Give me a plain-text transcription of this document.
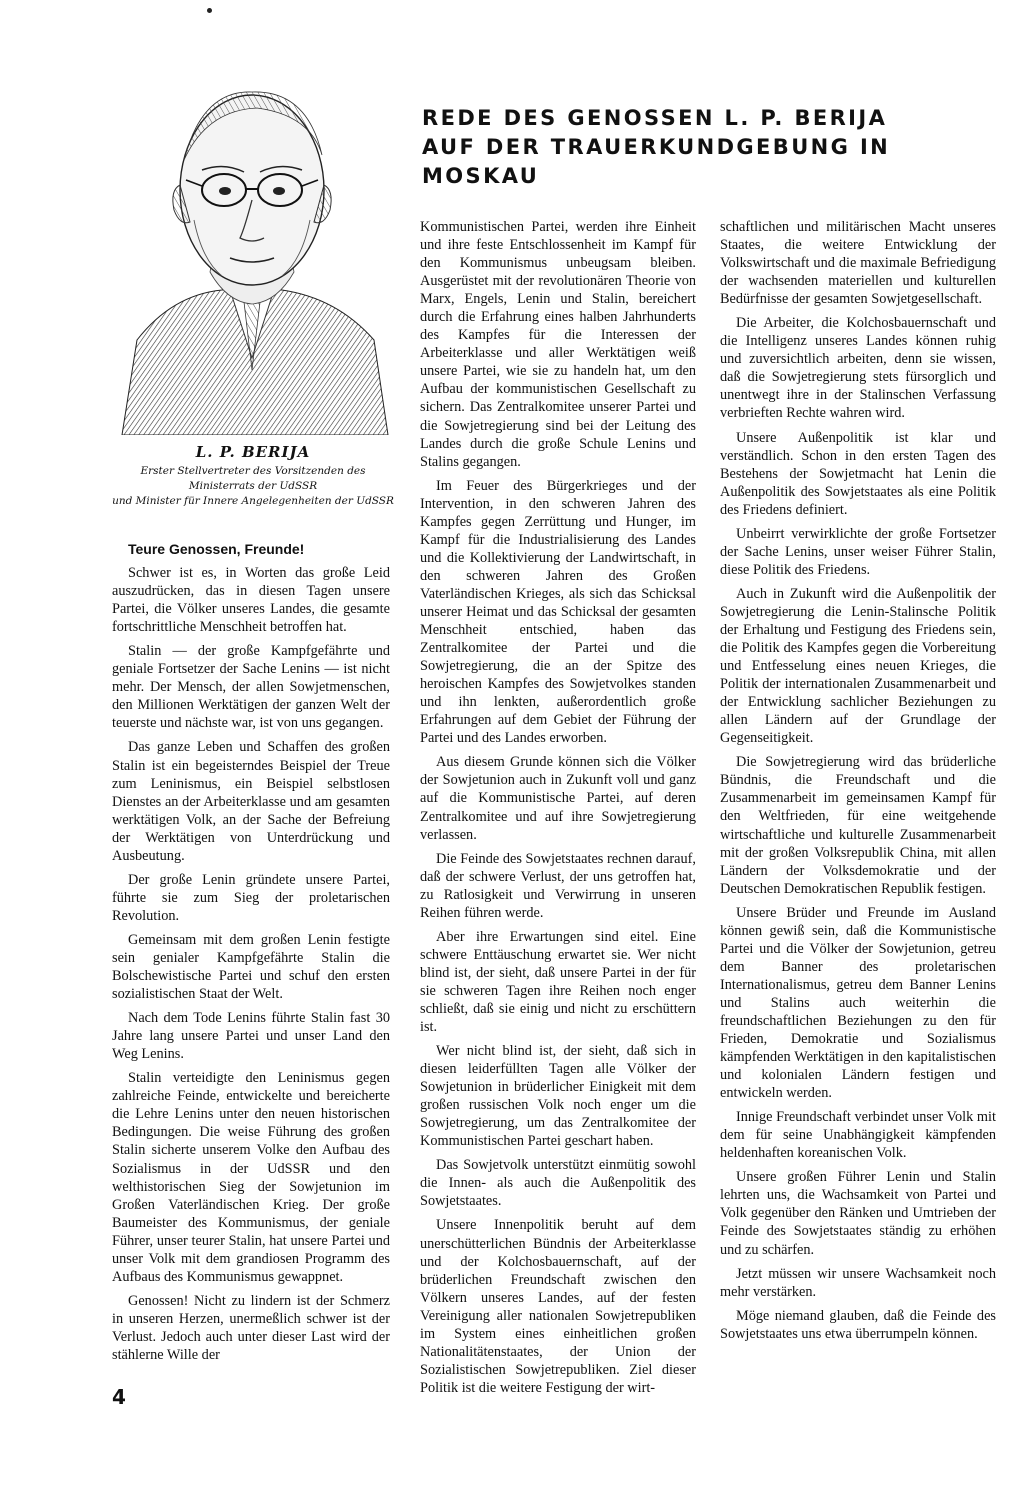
L. P. BERIJA
Erster Stellvertreter des Vorsitzenden des Ministerrats der UdSSR
und Minister für Innere Angelegenheiten der UdSSR
REDE DES GENOSSEN L. P. BERIJA
AUF DER TRAUERKUNDGEBUNG IN MOSKAU

Teure Genossen, Freunde!

Schwer ist es, in Worten das große Leid auszudrücken, das in diesen Tagen unsere Partei, die Völker unseres Landes, die gesamte fortschrittliche Menschheit betroffen hat.

Stalin — der große Kampfgefährte und geniale Fortsetzer der Sache Lenins — ist nicht mehr. Der Mensch, der allen Sowjetmenschen, den Millionen Werktätigen der ganzen Welt der teuerste und nächste war, ist von uns gegangen.

Das ganze Leben und Schaffen des großen Stalin ist ein begeisterndes Beispiel der Treue zum Leninismus, ein Beispiel selbstlosen Dienstes an der Arbeiterklasse und am gesamten werktätigen Volk, an der Sache der Befreiung der Werktätigen von Unterdrückung und Ausbeutung.

Der große Lenin gründete unsere Partei, führte sie zum Sieg der proletarischen Revolution.

Gemeinsam mit dem großen Lenin festigte sein genialer Kampfgefährte Stalin die Bolschewistische Partei und schuf den ersten sozialistischen Staat der Welt.

Nach dem Tode Lenins führte Stalin fast 30 Jahre lang unsere Partei und unser Land den Weg Lenins.

Stalin verteidigte den Leninismus gegen zahlreiche Feinde, entwickelte und bereicherte die Lehre Lenins unter den neuen historischen Bedingungen. Die weise Führung des großen Stalin sicherte unserem Volke den Aufbau des Sozialismus in der UdSSR und den welthistorischen Sieg der Sowjetunion im Großen Vaterländischen Krieg. Der große Baumeister des Kommunismus, der geniale Führer, unser teurer Stalin, hat unsere Partei und unser Volk mit dem grandiosen Programm des Aufbaus des Kommunismus gewappnet.

Genossen! Nicht zu lindern ist der Schmerz in unseren Herzen, unermeßlich schwer ist der Verlust. Jedoch auch unter dieser Last wird der stählerne Wille der

Kommunistischen Partei, werden ihre Einheit und ihre feste Entschlossenheit im Kampf für den Kommunismus unbeugsam bleiben. Ausgerüstet mit der revolutionären Theorie von Marx, Engels, Lenin und Stalin, bereichert durch die Erfahrung eines halben Jahrhunderts des Kampfes für die Interessen der Arbeiterklasse und aller Werktätigen weiß unsere Partei, wie sie zu handeln hat, um den Aufbau der kommunistischen Gesellschaft zu sichern. Das Zentralkomitee unserer Partei und die Sowjetregierung sind bei der Leitung des Landes durch die große Schule Lenins und Stalins gegangen.

Im Feuer des Bürgerkrieges und der Intervention, in den schweren Jahren des Kampfes gegen Zerrüttung und Hunger, im Kampf für die Industrialisierung des Landes und die Kollektivierung der Landwirtschaft, in den schweren Jahren des Großen Vaterländischen Krieges, als sich das Schicksal unserer Heimat und das Schicksal der gesamten Menschheit entschied, haben das Zentralkomitee der Partei und die Sowjetregierung, die an der Spitze des heroischen Kampfes des Sowjetvolkes standen und ihn lenkten, außerordentlich große Erfahrungen auf dem Gebiet der Führung der Partei und des Landes erworben.

Aus diesem Grunde können sich die Völker der Sowjetunion auch in Zukunft voll und ganz auf die Kommunistische Partei, auf deren Zentralkomitee und auf ihre Sowjetregierung verlassen.

Die Feinde des Sowjetstaates rechnen darauf, daß der schwere Verlust, der uns getroffen hat, zu Ratlosigkeit und Verwirrung in unseren Reihen führen werde.

Aber ihre Erwartungen sind eitel. Eine schwere Enttäuschung erwartet sie. Wer nicht blind ist, der sieht, daß unsere Partei in der für sie schweren Tagen ihre Reihen noch enger schließt, daß sie einig und nicht zu erschüttern ist.

Wer nicht blind ist, der sieht, daß sich in diesen leiderfüllten Tagen alle Völker der Sowjetunion in brüderlicher Einigkeit mit dem großen russischen Volk noch enger um die Sowjetregierung, um das Zentralkomitee der Kommunistischen Partei geschart haben.

Das Sowjetvolk unterstützt einmütig sowohl die Innen- als auch die Außenpolitik des Sowjetstaates.

Unsere Innenpolitik beruht auf dem unerschütterlichen Bündnis der Arbeiterklasse und der Kolchosbauernschaft, auf der brüderlichen Freundschaft zwischen den Völkern unseres Landes, auf der festen Vereinigung aller nationalen Sowjetrepubliken im System eines einheitlichen großen Nationalitätenstaates, der Union der Sozialistischen Sowjetrepubliken. Ziel dieser Politik ist die weitere Festigung der wirt-

schaftlichen und militärischen Macht unseres Staates, die weitere Entwicklung der Volkswirtschaft und die maximale Befriedigung der wachsenden materiellen und kulturellen Bedürfnisse der gesamten Sowjetgesellschaft.

Die Arbeiter, die Kolchosbauernschaft und die Intelligenz unseres Landes können ruhig und zuversichtlich arbeiten, denn sie wissen, daß die Sowjetregierung stets fürsorglich und unentwegt ihre in der Stalinschen Verfassung verbrieften Rechte wahren wird.

Unsere Außenpolitik ist klar und verständlich. Schon in den ersten Tagen des Bestehens der Sowjetmacht hat Lenin die Außenpolitik des Sowjetstaates als eine Politik des Friedens definiert.

Unbeirrt verwirklichte der große Fortsetzer der Sache Lenins, unser weiser Führer Stalin, diese Politik des Friedens.

Auch in Zukunft wird die Außenpolitik der Sowjetregierung die Lenin-Stalinsche Politik der Erhaltung und Festigung des Friedens sein, die Politik des Kampfes gegen die Vorbereitung und Entfesselung eines neuen Krieges, die Politik der internationalen Zusammenarbeit und der Entwicklung sachlicher Beziehungen zu allen Ländern auf der Grundlage der Gegenseitigkeit.

Die Sowjetregierung wird das brüderliche Bündnis, die Freundschaft und die Zusammenarbeit im gemeinsamen Kampf für den Weltfrieden, für eine weitgehende wirtschaftliche und kulturelle Zusammenarbeit mit der großen Volksrepublik China, mit allen Ländern der Volksdemokratie und der Deutschen Demokratischen Republik festigen.

Unsere Brüder und Freunde im Ausland können gewiß sein, daß die Kommunistische Partei und die Völker der Sowjetunion, getreu dem Banner des proletarischen Internationalismus, getreu dem Banner Lenins und Stalins auch weiterhin die freundschaftlichen Beziehungen zu den für Frieden, Demokratie und Sozialismus kämpfenden Werktätigen in den kapitalistischen und kolonialen Ländern festigen und entwickeln werden.

Innige Freundschaft verbindet unser Volk mit dem für seine Unabhängigkeit kämpfenden heldenhaften koreanischen Volk.

Unsere großen Führer Lenin und Stalin lehrten uns, die Wachsamkeit von Partei und Volk gegenüber den Ränken und Umtrieben der Feinde des Sowjetstaates ständig zu erhöhen und zu schärfen.

Jetzt müssen wir unsere Wachsamkeit noch mehr verstärken.

Möge niemand glauben, daß die Feinde des Sowjetstaates uns etwa überrumpeln können.

4
